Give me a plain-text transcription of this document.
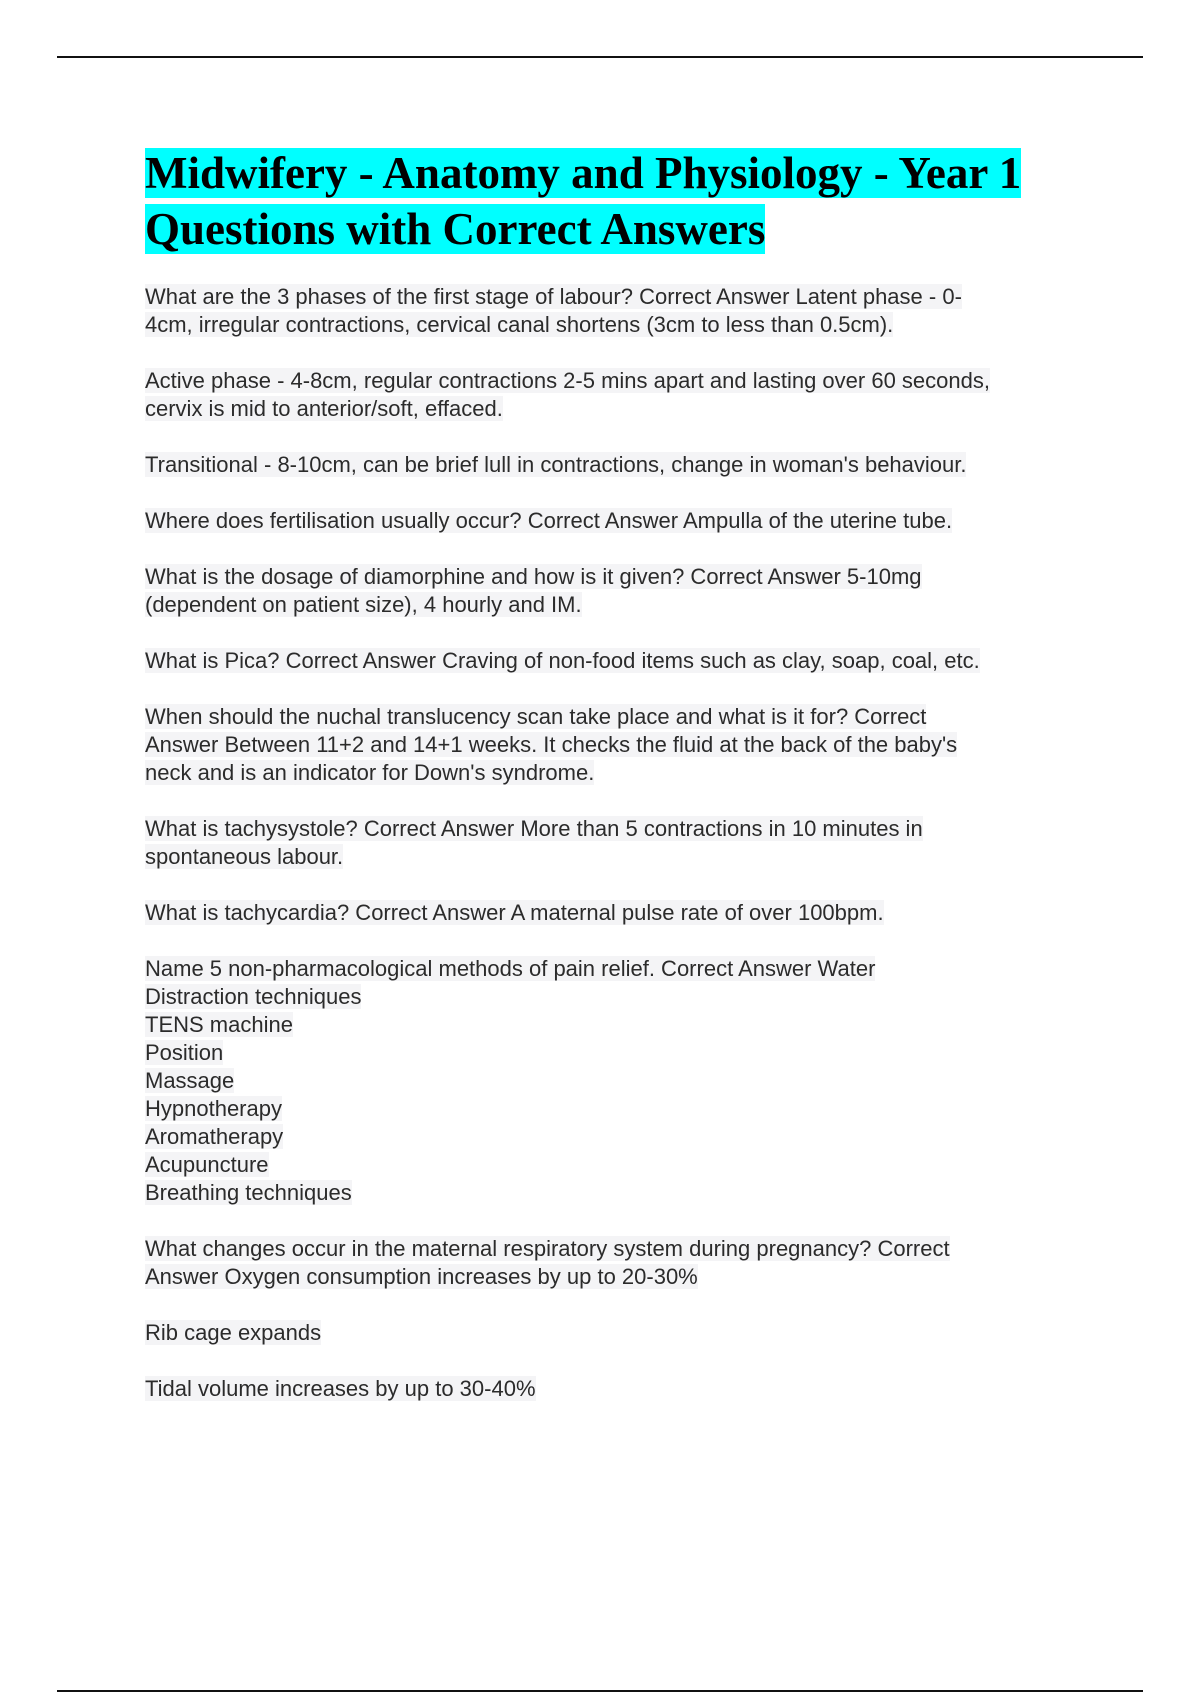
Midwifery - Anatomy and Physiology - Year 1
Questions with Correct Answers
What are the 3 phases of the first stage of labour? Correct Answer Latent phase - 0-
4cm, irregular contractions, cervical canal shortens (3cm to less than 0.5cm).
Active phase - 4-8cm, regular contractions 2-5 mins apart and lasting over 60 seconds,
cervix is mid to anterior/soft, effaced.
Transitional - 8-10cm, can be brief lull in contractions, change in woman's behaviour.
Where does fertilisation usually occur? Correct Answer Ampulla of the uterine tube.
What is the dosage of diamorphine and how is it given? Correct Answer 5-10mg
(dependent on patient size), 4 hourly and IM.
What is Pica? Correct Answer Craving of non-food items such as clay, soap, coal, etc.
When should the nuchal translucency scan take place and what is it for? Correct
Answer Between 11+2 and 14+1 weeks. It checks the fluid at the back of the baby's
neck and is an indicator for Down's syndrome.
What is tachysystole? Correct Answer More than 5 contractions in 10 minutes in
spontaneous labour.
What is tachycardia? Correct Answer A maternal pulse rate of over 100bpm.
Name 5 non-pharmacological methods of pain relief. Correct Answer Water
Distraction techniques
TENS machine
Position
Massage
Hypnotherapy
Aromatherapy
Acupuncture
Breathing techniques
What changes occur in the maternal respiratory system during pregnancy? Correct
Answer Oxygen consumption increases by up to 20-30%
Rib cage expands
Tidal volume increases by up to 30-40%
